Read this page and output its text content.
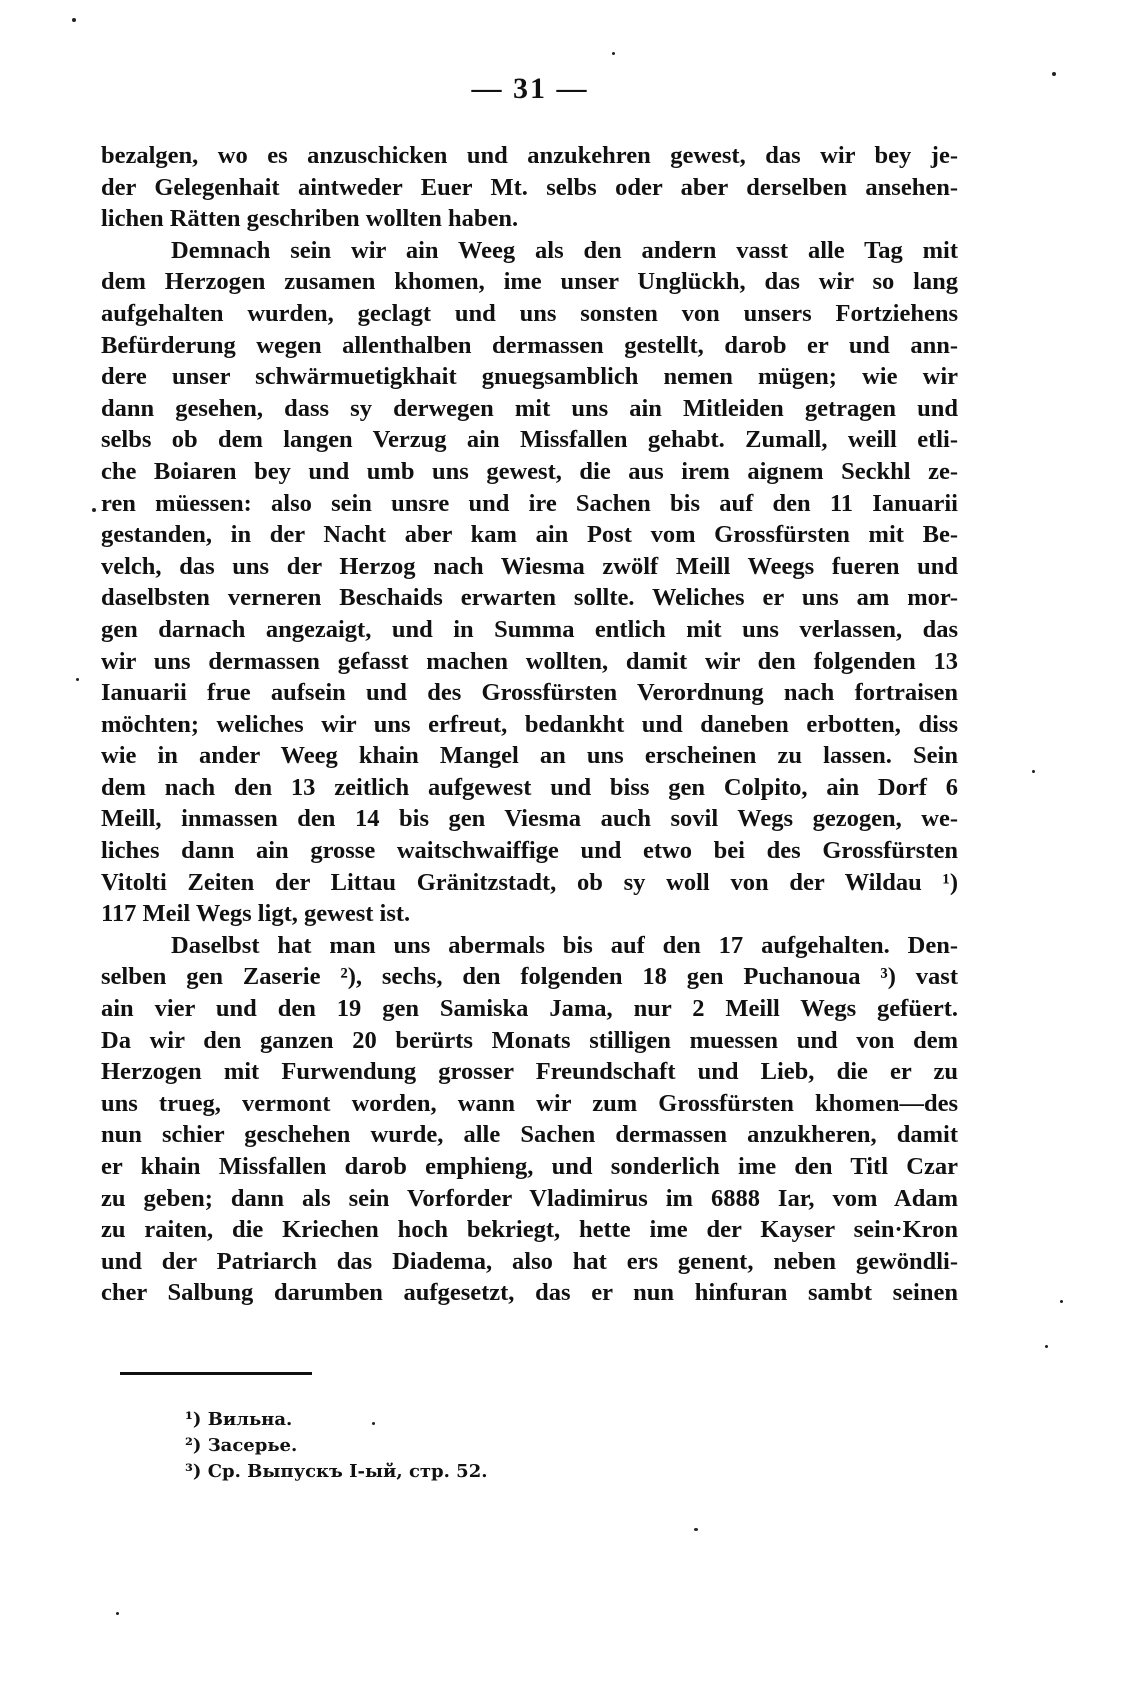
— 31 —
bezalgen, wo es anzuschicken und anzukehren gewest, das wir bey je-
der Gelegenhait aintweder Euer Mt. selbs oder aber derselben ansehen-
lichen Rätten geschriben wollten haben.
Demnach sein wir ain Weeg als den andern vasst alle Tag mit
dem Herzogen zusamen khomen, ime unser Unglückh, das wir so lang
aufgehalten wurden, geclagt und uns sonsten von unsers Fortziehens
Befürderung wegen allenthalben dermassen gestellt, darob er und ann-
dere unser schwärmuetigkhait gnuegsamblich nemen mügen; wie wir
dann gesehen, dass sy derwegen mit uns ain Mitleiden getragen und
selbs ob dem langen Verzug ain Missfallen gehabt. Zumall, weill etli-
che Boiaren bey und umb uns gewest, die aus irem aignem Seckhl ze-
ren müessen: also sein unsre und ire Sachen bis auf den 11 Ianuarii
gestanden, in der Nacht aber kam ain Post vom Grossfürsten mit Be-
velch, das uns der Herzog nach Wiesma zwölf Meill Weegs fueren und
daselbsten verneren Beschaids erwarten sollte. Weliches er uns am mor-
gen darnach angezaigt, und in Summa entlich mit uns verlassen, das
wir uns dermassen gefasst machen wollten, damit wir den folgenden 13
Ianuarii frue aufsein und des Grossfürsten Verordnung nach fortraisen
möchten; weliches wir uns erfreut, bedankht und daneben erbotten, diss
wie in ander Weeg khain Mangel an uns erscheinen zu lassen. Sein
dem nach den 13 zeitlich aufgewest und biss gen Colpito, ain Dorf 6
Meill, inmassen den 14 bis gen Viesma auch sovil Wegs gezogen, we-
liches dann ain grosse waitschwaiffige und etwo bei des Grossfürsten
Vitolti Zeiten der Littau Gränitzstadt, ob sy woll von der Wildau ¹)
117 Meil Wegs ligt, gewest ist.
Daselbst hat man uns abermals bis auf den 17 aufgehalten. Den-
selben gen Zaserie ²), sechs, den folgenden 18 gen Puchanoua ³) vast
ain vier und den 19 gen Samiska Jama, nur 2 Meill Wegs gefüert.
Da wir den ganzen 20 berürts Monats stilligen muessen und von dem
Herzogen mit Furwendung grosser Freundschaft und Lieb, die er zu
uns trueg, vermont worden, wann wir zum Grossfürsten khomen—des
nun schier geschehen wurde, alle Sachen dermassen anzukheren, damit
er khain Missfallen darob emphieng, und sonderlich ime den Titl Czar
zu geben; dann als sein Vorforder Vladimirus im 6888 Iar, vom Adam
zu raiten, die Kriechen hoch bekriegt, hette ime der Kayser sein·Kron
und der Patriarch das Diadema, also hat ers genent, neben gewöndli-
cher Salbung darumben aufgesetzt, das er nun hinfuran sambt seinen
¹) Вильна.
²) Засерье.
³) Ср. Выпускъ I-ый, стр. 52.
